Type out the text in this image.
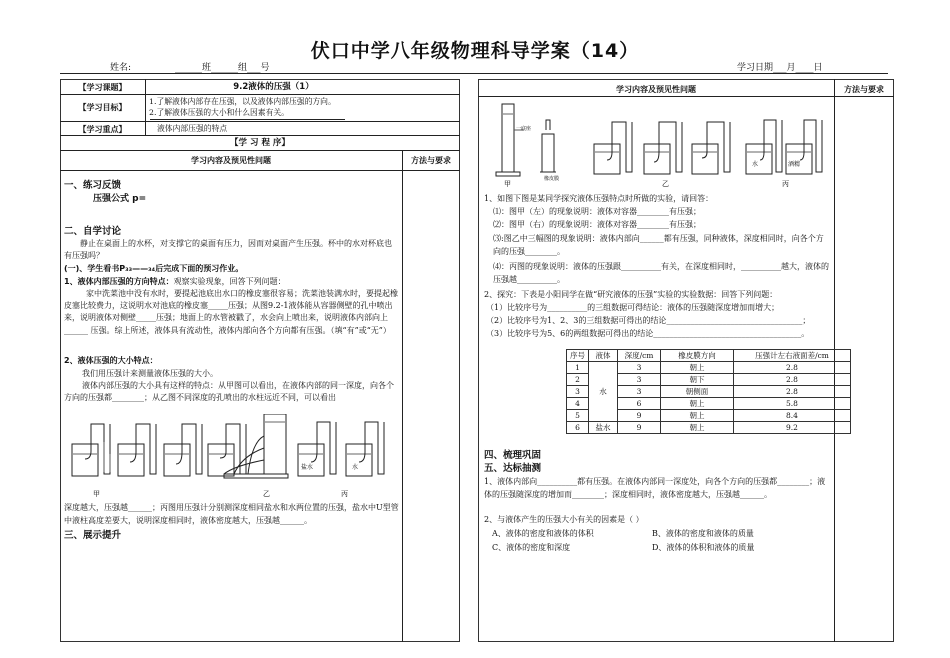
伏口中学八年级物理科导学案（14）
姓名:	______班______组___号	学习日期___月____日
【学习课题】	9.2液体的压强（1）
【学习目标】
1.了解液体内部存在压强，以及液体内部压强的方向。
2.了解液体压强的大小和什么因素有关。
【学习重点】	液体内部压强的特点
【学 习 程 序】
学习内容及预见性问题	方法与要求
一、练习反馈
压强公式 p=
二、自学讨论
静止在桌面上的水杯，对支撑它的桌面有压力，因而对桌面产生压强。杯中的水对杯底也有压强吗？
(一)、学生看书P₃₃——₃₄后完成下面的预习作业。
1、液体内部压强的方向特点：观察实验现象，回答下列问题：
家中洗菜池中没有水时，要提起池底出水口的橡皮塞很容易；洗菜池装满水时，要提起橡皮塞比较费力，这说明水对池底的橡皮塞_____压强；从图9.2-1液体能从容器侧壁的孔中喷出来，说明液体对侧壁_____压强；地面上的水管被戳了，水会向上喷出来，说明液体内部向上______ 压强。综上所述，液体具有流动性，液体内部向各个方向都有压强。（填“有”或“无”）
2、液体压强的大小特点：
我们用压强计来测量液体压强的大小。
液体内部压强的大小具有这样的特点：从甲图可以看出，在液体内部的同一深度，向各个方向的压强都________；从乙图不同深度的孔喷出的水柱远近不同，可以看出
甲	乙	丙
盐水	水
深度越大，压强越______；丙图用压强计分别测深度相同盐水和水两位置的压强，盐水中U型管中液柱高度差要大，说明深度相同时，液体密度越大，压强越______。
三、展示提升
学习内容及预见性问题	方法与要求
甲	乙	丙
一底座
橡皮膜
水	酒精
1、如图下图是某同学探究液体压强特点时所做的实验，请回答：
⑴：图甲（左）的现象说明：液体对容器________有压强；
⑵：图甲（右）的现象说明：液体对容器________有压强；
⑶:图乙中三幅图的现象说明：液体内部向______都有压强，同种液体，深度相同时，向各个方向的压强________。
⑷：丙图的现象说明：液体的压强跟__________有关，在深度相同时，__________越大，液体的压强越__________。
2、探究：下表是小阳同学在做“研究液体的压强”实验的实验数据：回答下列问题：
（1）比较序号为__________的三组数据可得结论：液体的压强随深度增加而增大；
（2）比较序号为1、2、3的三组数据可得出的结论__________________________________；
（3）比较序号为5、6的两组数据可得出的结论_____________________________________。
序号	液体	深度/cm	橡皮膜方向	压强计左右液面差/cm
1	水	3	朝上	2.8
2		3	朝下	2.8
3		3	朝侧面	2.8
4		6	朝上	5.8
5		9	朝上	8.4
6	盐水	9	朝上	9.2
四、梳理巩固
五、达标抽测
1、液体内部向__________都有压强。在液体内部同一深度处，向各个方向的压强都________；液体的压强随深度的增加而________；深度相同时，液体密度越大，压强越______。
2、与液体产生的压强大小有关的因素是（ ）
A、液体的密度和液体的体积	B、液体的密度和液体的质量
C、液体的密度和深度	D、液体的体积和液体的质量
